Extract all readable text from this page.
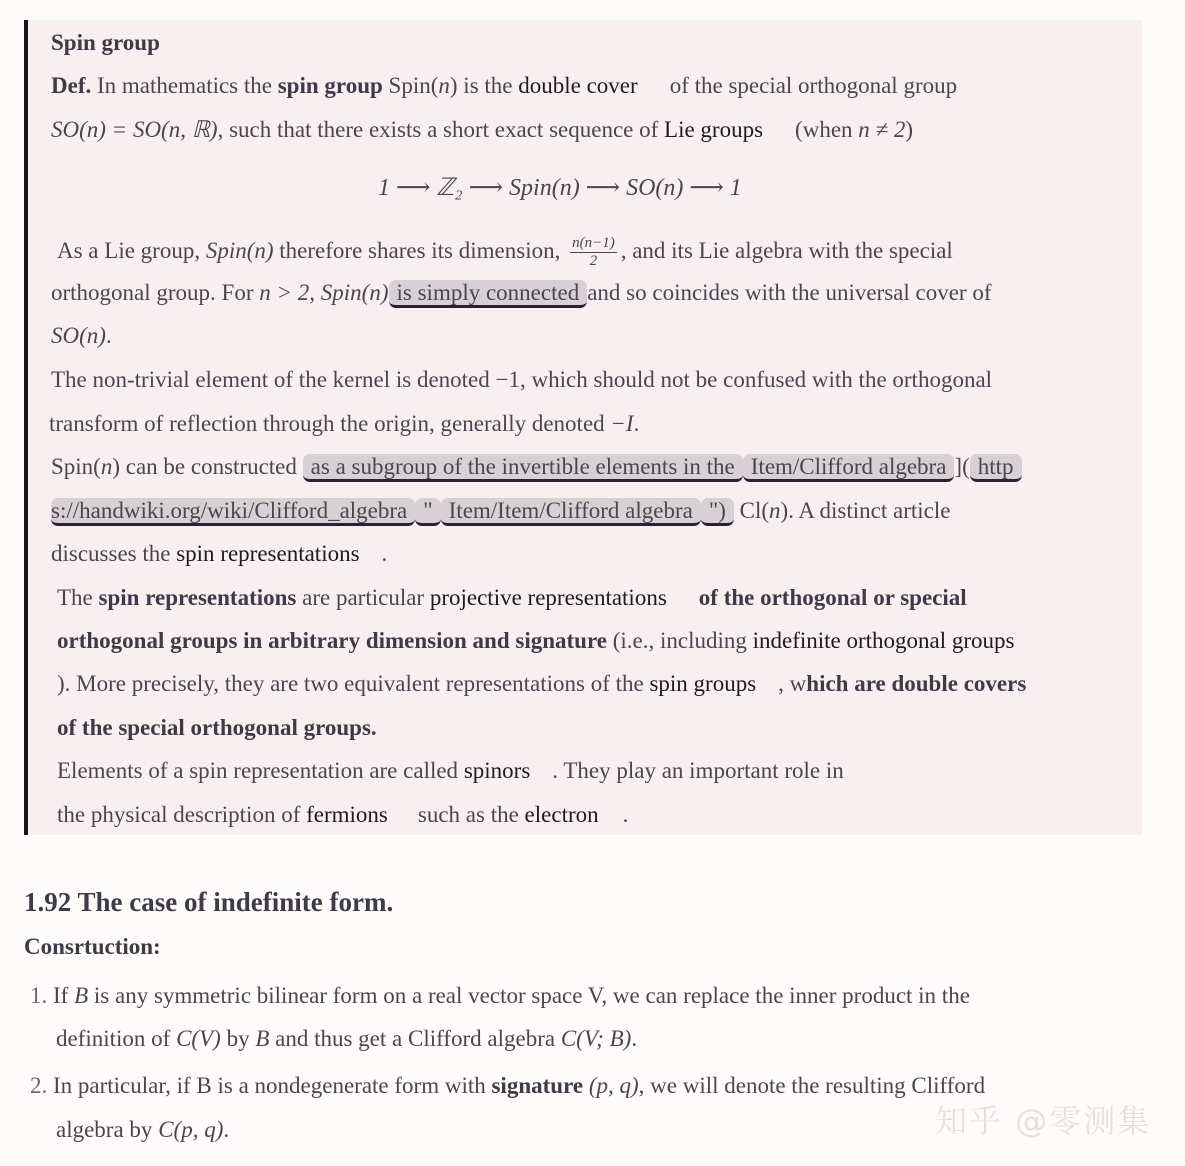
Spin group
Def. In mathematics the spin group Spin(n) is the double cover of the special orthogonal group
SO(n) = SO(n, ℝ), such that there exists a short exact sequence of Lie groups (when n ≠ 2)
1 ⟶ ℤ₂ ⟶ Spin(n) ⟶ SO(n) ⟶ 1
As a Lie group, Spin(n) therefore shares its dimension, $\frac{n(n-1)}{2}$ , and its Lie algebra with the special
orthogonal group. For n > 2, Spin(n) is simply connected and so coincides with the universal cover of
SO(n).
The non-trivial element of the kernel is denoted −1, which should not be confused with the orthogonal
transform of reflection through the origin, generally denoted −I.
Spin(n) can be constructed as a subgroup of the invertible elements in the Item/Clifford algebra ]( http
s://handwiki.org/wiki/Clifford_algebra " Item/Item/Clifford algebra ") Cl(n). A distinct article
discusses the spin representations .
The spin representations are particular projective representations of the orthogonal or special
orthogonal groups in arbitrary dimension and signature (i.e., including indefinite orthogonal groups
). More precisely, they are two equivalent representations of the spin groups , which are double covers
of the special orthogonal groups.
Elements of a spin representation are called spinors . They play an important role in
the physical description of fermions such as the electron .
1.92 The case of indefinite form.
Consrtuction:
1. If B is any symmetric bilinear form on a real vector space V, we can replace the inner product in the
definition of C(V) by B and thus get a Clifford algebra C(V; B).
2. In particular, if B is a nondegenerate form with signature (p, q), we will denote the resulting Clifford
algebra by C(p, q).	知乎 @零测集
